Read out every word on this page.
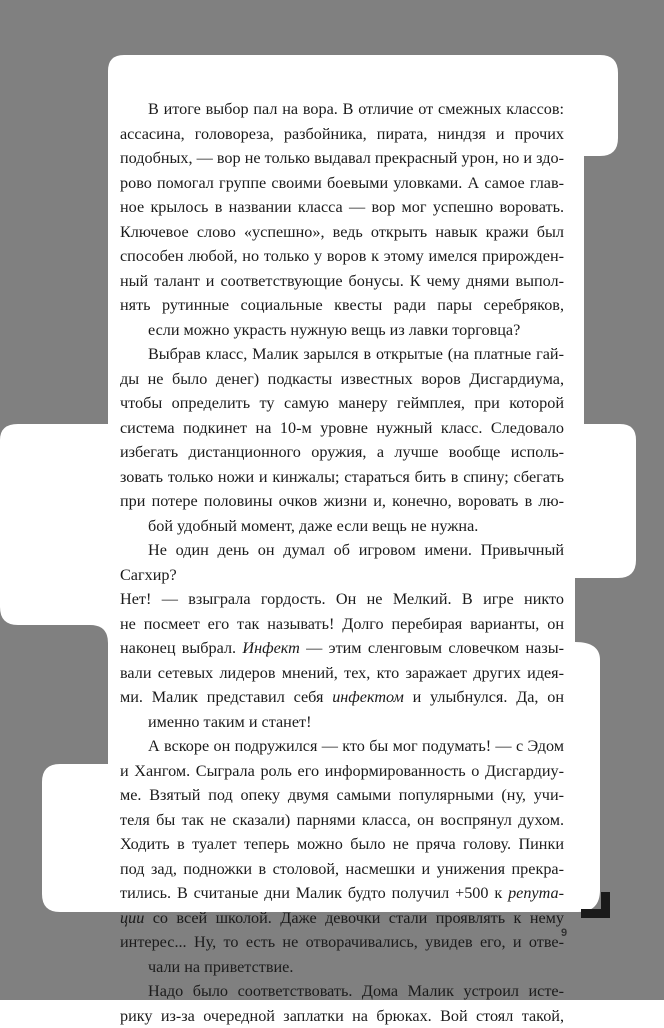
В итоге выбор пал на вора. В отличие от смежных классов:
ассасина, головореза, разбойника, пирата, ниндзя и прочих
подобных, — вор не только выдавал прекрасный урон, но и здо-
рово помогал группе своими боевыми уловками. А самое глав-
ное крылось в названии класса — вор мог успешно воровать.
Ключевое слово «успешно», ведь открыть навык кражи был
способен любой, но только у воров к этому имелся прирожден-
ный талант и соответствующие бонусы. К чему днями выпол-
нять рутинные социальные квесты ради пары серебряков,
если можно украсть нужную вещь из лавки торговца?

Выбрав класс, Малик зарылся в открытые (на платные гай-
ды не было денег) подкасты известных воров Дисгардиума,
чтобы определить ту самую манеру геймплея, при которой
система подкинет на 10-м уровне нужный класс. Следовало
избегать дистанционного оружия, а лучше вообще исполь-
зовать только ножи и кинжалы; стараться бить в спину; сбегать
при потере половины очков жизни и, конечно, воровать в лю-
бой удобный момент, даже если вещь не нужна.

Не один день он думал об игровом имени. Привычный Сагхир?
Нет! — взыграла гордость. Он не Мелкий. В игре никто
не посмеет его так называть! Долго перебирая варианты, он
наконец выбрал. Инфект — этим сленговым словечком назы-
вали сетевых лидеров мнений, тех, кто заражает других идея-
ми. Малик представил себя инфектом и улыбнулся. Да, он
именно таким и станет!

А вскоре он подружился — кто бы мог подумать! — с Эдом
и Хангом. Сыграла роль его информированность о Дисгардиу-
ме. Взятый под опеку двумя самыми популярными (ну, учи-
теля бы так не сказали) парнями класса, он воспрянул духом.
Ходить в туалет теперь можно было не пряча голову. Пинки
под зад, подножки в столовой, насмешки и унижения прекра-
тились. В считаные дни Малик будто получил +500 к репута-
ции со всей школой. Даже девочки стали проявлять к нему
интерес... Ну, то есть не отворачивались, увидев его, и отве-
чали на приветствие.

Надо было соответствовать. Дома Малик устроил исте-
рику из-за очередной заплатки на брюках. Вой стоял такой,

9
